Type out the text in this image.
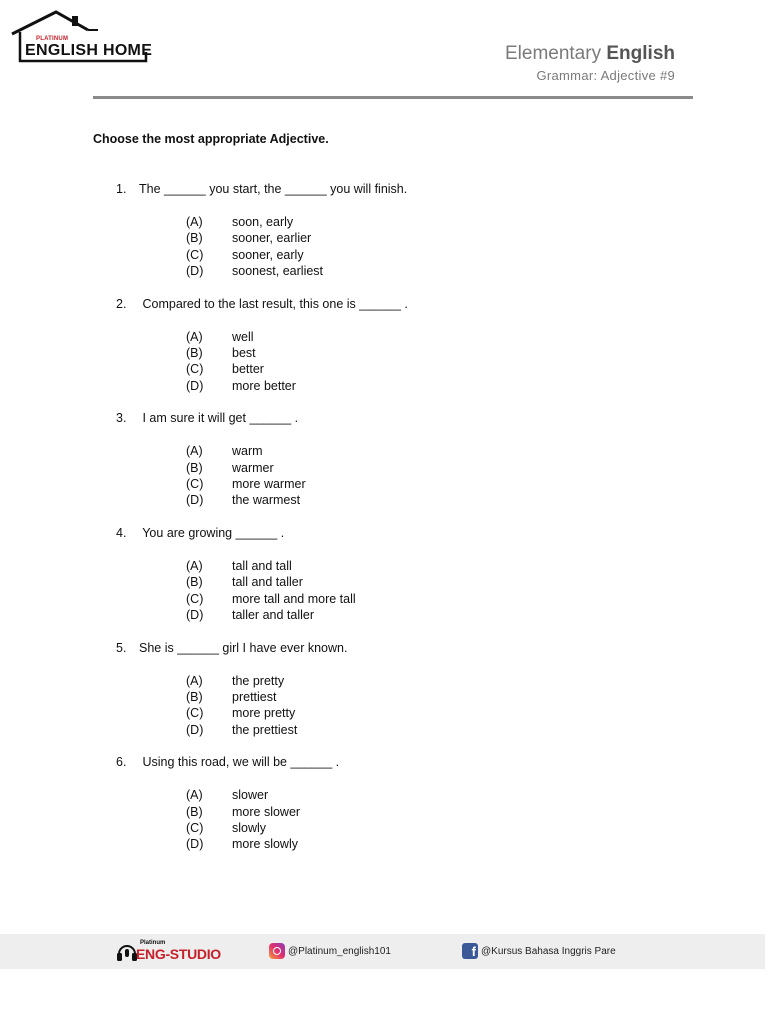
PLATINUM
ENGLISH HOME	Elementary English
Grammar: Adjective #9
Choose the most appropriate Adjective.
1. The ______ you start, the ______ you will finish.
(A) soon, early
(B) sooner, earlier
(C) sooner, early
(D) soonest, earliest
2. Compared to the last result, this one is ______ .
(A) well
(B) best
(C) better
(D) more better
3. I am sure it will get ______ .
(A) warm
(B) warmer
(C) more warmer
(D) the warmest
4. You are growing ______ .
(A) tall and tall
(B) tall and taller
(C) more tall and more tall
(D) taller and taller
5. She is ______ girl I have ever known.
(A) the pretty
(B) prettiest
(C) more pretty
(D) the prettiest
6. Using this road, we will be ______ .
(A) slower
(B) more slower
(C) slowly
(D) more slowly
Platinum
ENG-STUDIO	@Platinum_english101	f @Kursus Bahasa Inggris Pare
